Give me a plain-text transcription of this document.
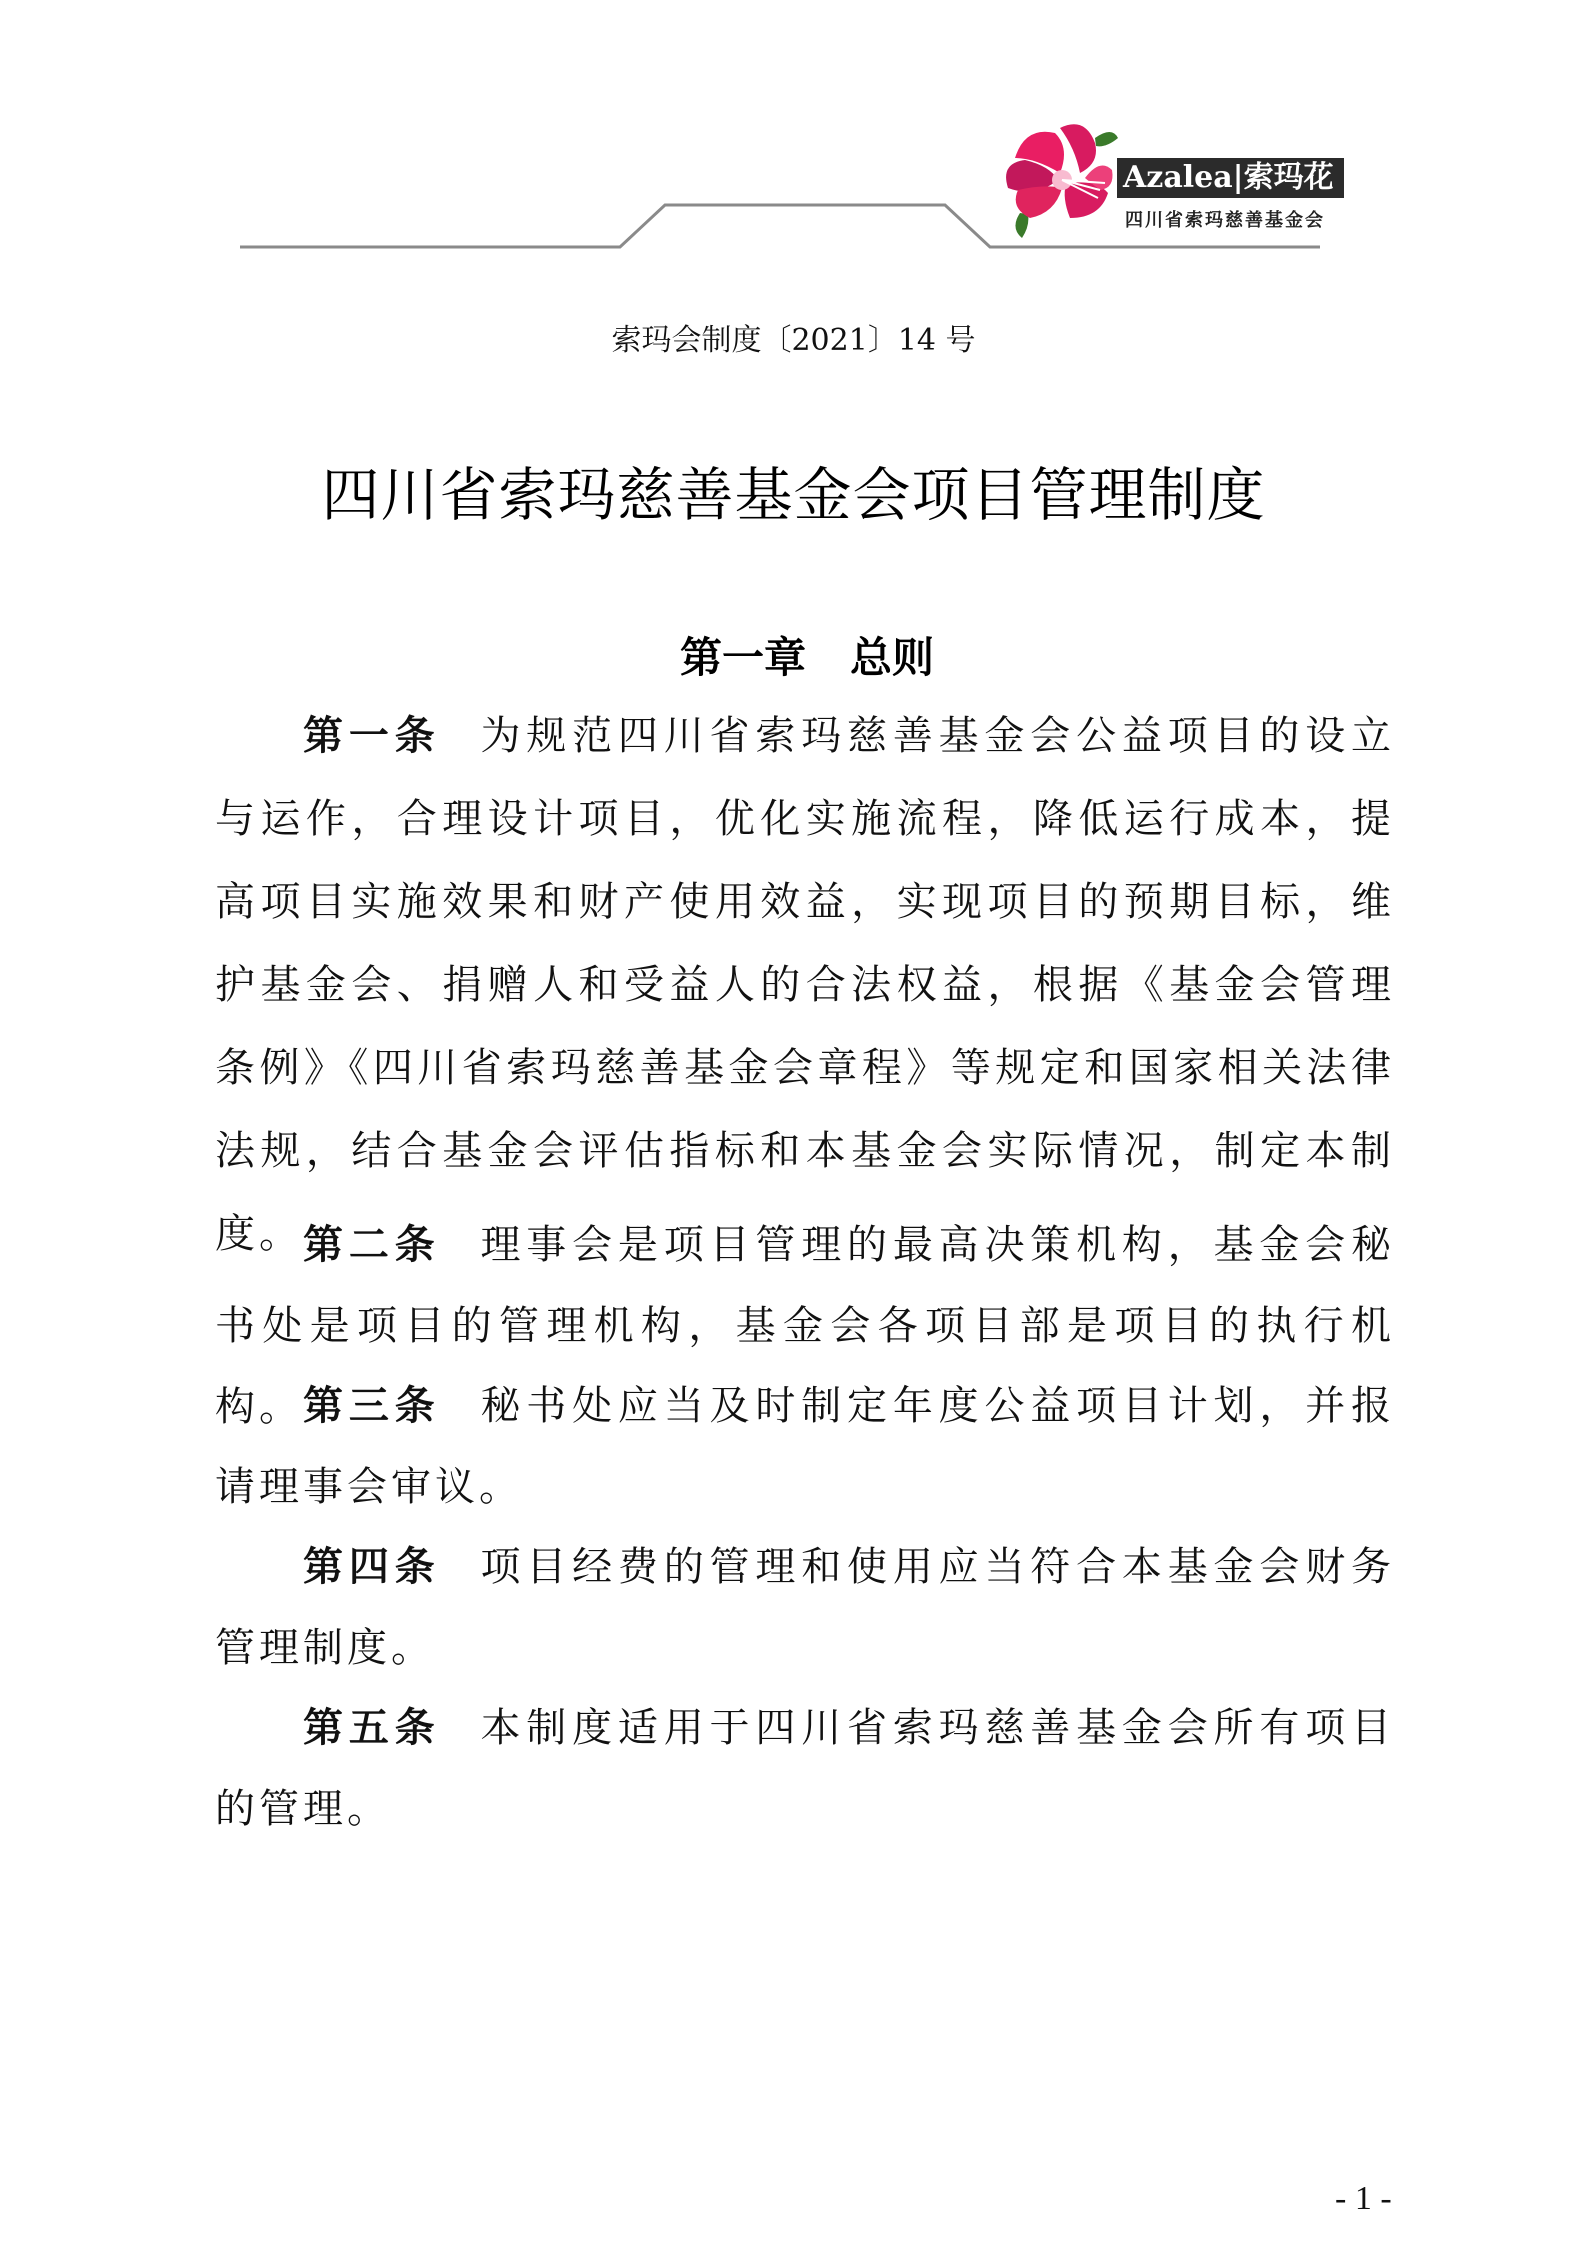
Azalea|索玛花
四川省索玛慈善基金会
索玛会制度〔2021〕14 号
四川省索玛慈善基金会项目管理制度
第一章 总则

第一条 为规范四川省索玛慈善基金会公益项目的设立与运作，合理设计项目，优化实施流程，降低运行成本，提高项目实施效果和财产使用效益，实现项目的预期目标，维护基金会、捐赠人和受益人的合法权益，根据《基金会管理条例》《四川省索玛慈善基金会章程》等规定和国家相关法律法规，结合基金会评估指标和本基金会实际情况，制定本制度。 第二条 理事会是项目管理的最高决策机构，基金会秘书处是项目的管理机构，基金会各项目部是项目的执行机构。 第三条 秘书处应当及时制定年度公益项目计划，并报请理事会审议。

第四条 项目经费的管理和使用应当符合本基金会财务管理制度。

第五条 本制度适用于四川省索玛慈善基金会所有项目的管理。

- 1 -
